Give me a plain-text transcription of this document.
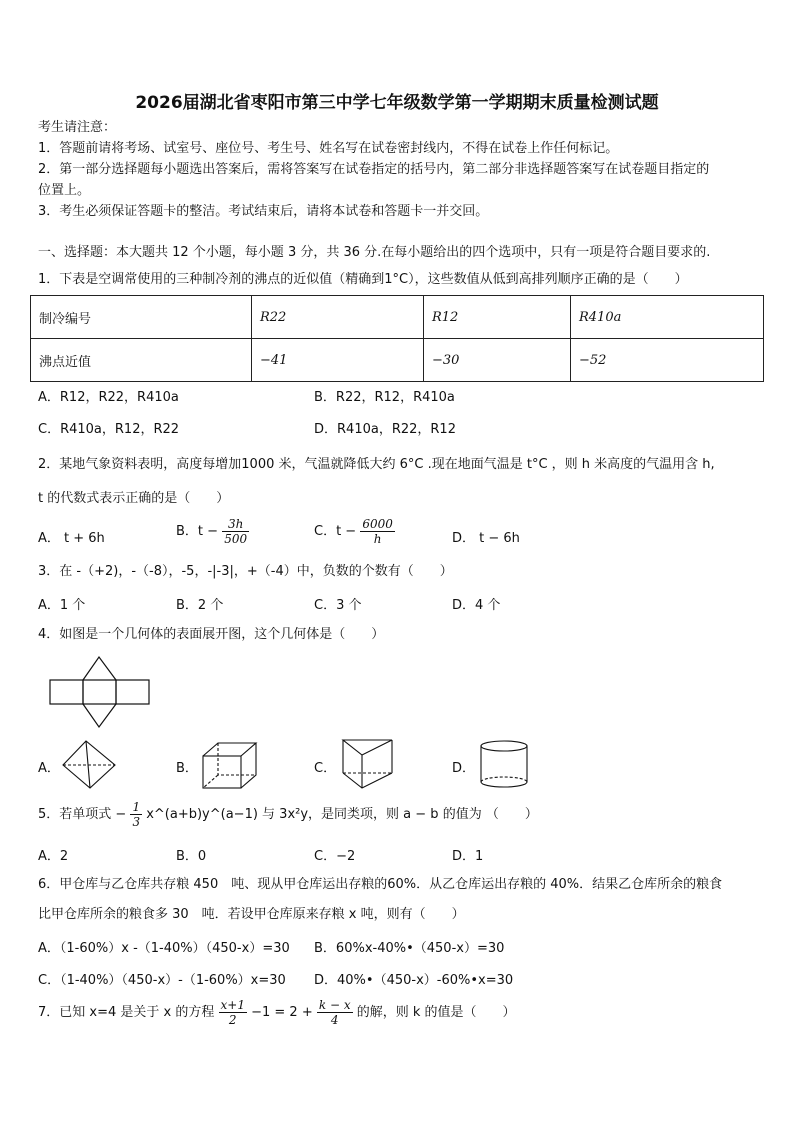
2026届湖北省枣阳市第三中学七年级数学第一学期期末质量检测试题
考生请注意：
1．答题前请将考场、试室号、座位号、考生号、姓名写在试卷密封线内，不得在试卷上作任何标记。
2．第一部分选择题每小题选出答案后，需将答案写在试卷指定的括号内，第二部分非选择题答案写在试卷题目指定的
位置上。
3．考生必须保证答题卡的整洁。考试结束后，请将本试卷和答题卡一并交回。
一、选择题：本大题共 12 个小题，每小题 3 分，共 36 分.在每小题给出的四个选项中，只有一项是符合题目要求的.
1．下表是空调常使用的三种制冷剂的沸点的近似值（精确到1°C），这些数值从低到高排列顺序正确的是（　　）
制冷编号	R22	R12	R410a
沸点近值	−41	−30	−52
A．R12，R22，R410a	B．R22，R12，R410a
C．R410a，R12，R22	D．R410a，R22，R12
2．某地气象资料表明，高度每增加1000 米，气温就降低大约 6°C .现在地面气温是 t°C ，则 h 米高度的气温用含 h,
t 的代数式表示正确的是（　　）
A． t + 6h	B．$t - \frac{3h}{500}$	C．$t - \frac{6000}{h}$	D． t − 6h
3．在 -（+2)，-（-8），-5，-|-3|，+（-4）中，负数的个数有（　　）
A．1 个	B．2 个	C．3 个	D．4 个
4．如图是一个几何体的表面展开图，这个几何体是（　　）
A．	B．	C．	D．
5．若单项式 − $\frac{1}{3}$ x^(a+b)y^(a−1) 与 3x²y，是同类项，则 a − b 的值为 （　　）
A．2	B．0	C．−2	D．1
6．甲仓库与乙仓库共存粮 450　吨、现从甲仓库运出存粮的60%．从乙仓库运出存粮的 40%．结果乙仓库所余的粮食
比甲仓库所余的粮食多 30　吨．若设甲仓库原来存粮 x 吨，则有（　　）
A．（1-60%）x -（1-40%）（450-x）=30 B．60%x-40%•（450-x）=30
C．（1-40%）（450-x）-（1-60%）x=30 D．40%•（450-x）-60%•x=30
7．已知 x=4 是关于 x 的方程 $\frac{x+1}{2} -1 = 2 + \frac{k - x}{4}$ 的解，则 k 的值是（　　）
